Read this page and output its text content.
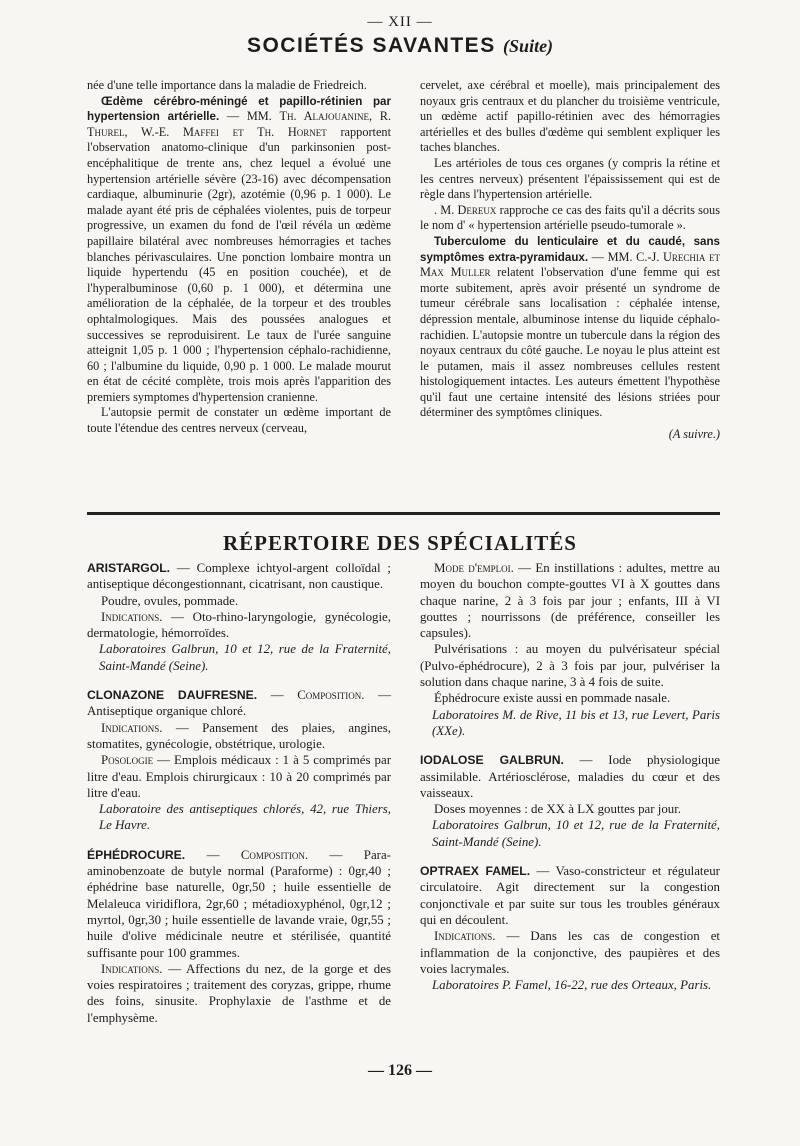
— XII —
SOCIÉTÉS SAVANTES (Suite)

née d'une telle importance dans la maladie de Friedreich.

Œdème cérébro-méningé et papillo-rétinien par hypertension artérielle. — MM. Th. Alajouanine, R. Thurel, W.-E. Maffei et Th. Hornet rapportent l'observation anatomo-clinique d'un parkinsonien post-encéphalitique de trente ans, chez lequel a évolué une hypertension artérielle sévère (23-16) avec décompensation cardiaque, albuminurie (2gr), azotémie (0,96 p. 1 000). Le malade ayant été pris de céphalées violentes, puis de torpeur progressive, un examen du fond de l'œil révéla un œdème papillaire bilatéral avec nombreuses hémorragies et taches blanches périvasculaires. Une ponction lombaire montra un liquide hypertendu (45 en position couchée), et de l'hyperalbuminose (0,60 p. 1 000), et détermina une amélioration de la céphalée, de la torpeur et des troubles ophtalmologiques. Mais des poussées analogues et successives se reproduisirent. Le taux de l'urée sanguine atteignit 1,05 p. 1 000 ; l'hypertension céphalo-rachidienne, 60 ; l'albumine du liquide, 0,90 p. 1 000. Le malade mourut en état de cécité complète, trois mois après l'apparition des premiers symptomes d'hypertension cranienne.

L'autopsie permit de constater un œdème important de toute l'étendue des centres nerveux (cerveau,

cervelet, axe cérébral et moelle), mais principalement des noyaux gris centraux et du plancher du troisième ventricule, un œdème actif papillo-rétinien avec des hémorragies artérielles et des bulles d'œdème qui semblent expliquer les taches blanches.

Les artérioles de tous ces organes (y compris la rétine et les centres nerveux) présentent l'épaississement qui est de règle dans l'hypertension artérielle.

. M. Dereux rapproche ce cas des faits qu'il a décrits sous le nom d' « hypertension artérielle pseudo-tumorale ».

Tuberculome du lenticulaire et du caudé, sans symptômes extra-pyramidaux. — MM. C.-J. Urechia et Max Muller relatent l'observation d'une femme qui est morte subitement, après avoir présenté un syndrome de tumeur cérébrale sans localisation : céphalée intense, dépression mentale, albuminose intense du liquide céphalo-rachidien. L'autopsie montre un tubercule dans la région des noyaux centraux du côté gauche. Le noyau le plus atteint est le putamen, mais il assez nombreuses cellules restent histologiquement intactes. Les auteurs émettent l'hypothèse qu'il faut une certaine intensité des lésions striées pour déterminer des symptômes cliniques.

(A suivre.)

RÉPERTOIRE DES SPÉCIALITÉS

ARISTARGOL. — Complexe ichtyol-argent colloïdal ; antiseptique décongestionnant, cicatrisant, non caustique.

Poudre, ovules, pommade.

Indications. — Oto-rhino-laryngologie, gynécologie, dermatologie, hémorroïdes.

Laboratoires Galbrun, 10 et 12, rue de la Fraternité, Saint-Mandé (Seine).

CLONAZONE DAUFRESNE. — Composition. — Antiseptique organique chloré.

Indications. — Pansement des plaies, angines, stomatites, gynécologie, obstétrique, urologie.

Posologie — Emplois médicaux : 1 à 5 comprimés par litre d'eau. Emplois chirurgicaux : 10 à 20 comprimés par litre d'eau.

Laboratoire des antiseptiques chlorés, 42, rue Thiers, Le Havre.

ÉPHÉDROCURE. — Composition. — Para-aminobenzoate de butyle normal (Paraforme) : 0gr,40 ; éphédrine base naturelle, 0gr,50 ; huile essentielle de Melaleuca viridiflora, 2gr,60 ; métadioxyphénol, 0gr,12 ; myrtol, 0gr,30 ; huile essentielle de lavande vraie, 0gr,55 ; huile d'olive médicinale neutre et stérilisée, quantité suffisante pour 100 grammes.

Indications. — Affections du nez, de la gorge et des voies respiratoires ; traitement des coryzas, grippe, rhume des foins, sinusite. Prophylaxie de l'asthme et de l'emphysème.

Mode d'emploi. — En instillations : adultes, mettre au moyen du bouchon compte-gouttes VI à X gouttes dans chaque narine, 2 à 3 fois par jour ; enfants, III à VI gouttes ; nourrissons (de préférence, conseiller les capsules).

Pulvérisations : au moyen du pulvérisateur spécial (Pulvo-éphédrocure), 2 à 3 fois par jour, pulvériser la solution dans chaque narine, 3 à 4 fois de suite.

Éphédrocure existe aussi en pommade nasale.

Laboratoires M. de Rive, 11 bis et 13, rue Levert, Paris (XXe).

IODALOSE GALBRUN. — Iode physiologique assimilable. Artériosclérose, maladies du cœur et des vaisseaux.

Doses moyennes : de XX à LX gouttes par jour.

Laboratoires Galbrun, 10 et 12, rue de la Fraternité, Saint-Mandé (Seine).

OPTRAEX FAMEL. — Vaso-constricteur et régulateur circulatoire. Agit directement sur la congestion conjonctivale et par suite sur tous les troubles généraux qui en découlent.

Indications. — Dans les cas de congestion et inflammation de la conjonctive, des paupières et des voies lacrymales.

Laboratoires P. Famel, 16-22, rue des Orteaux, Paris.

— 126 —
